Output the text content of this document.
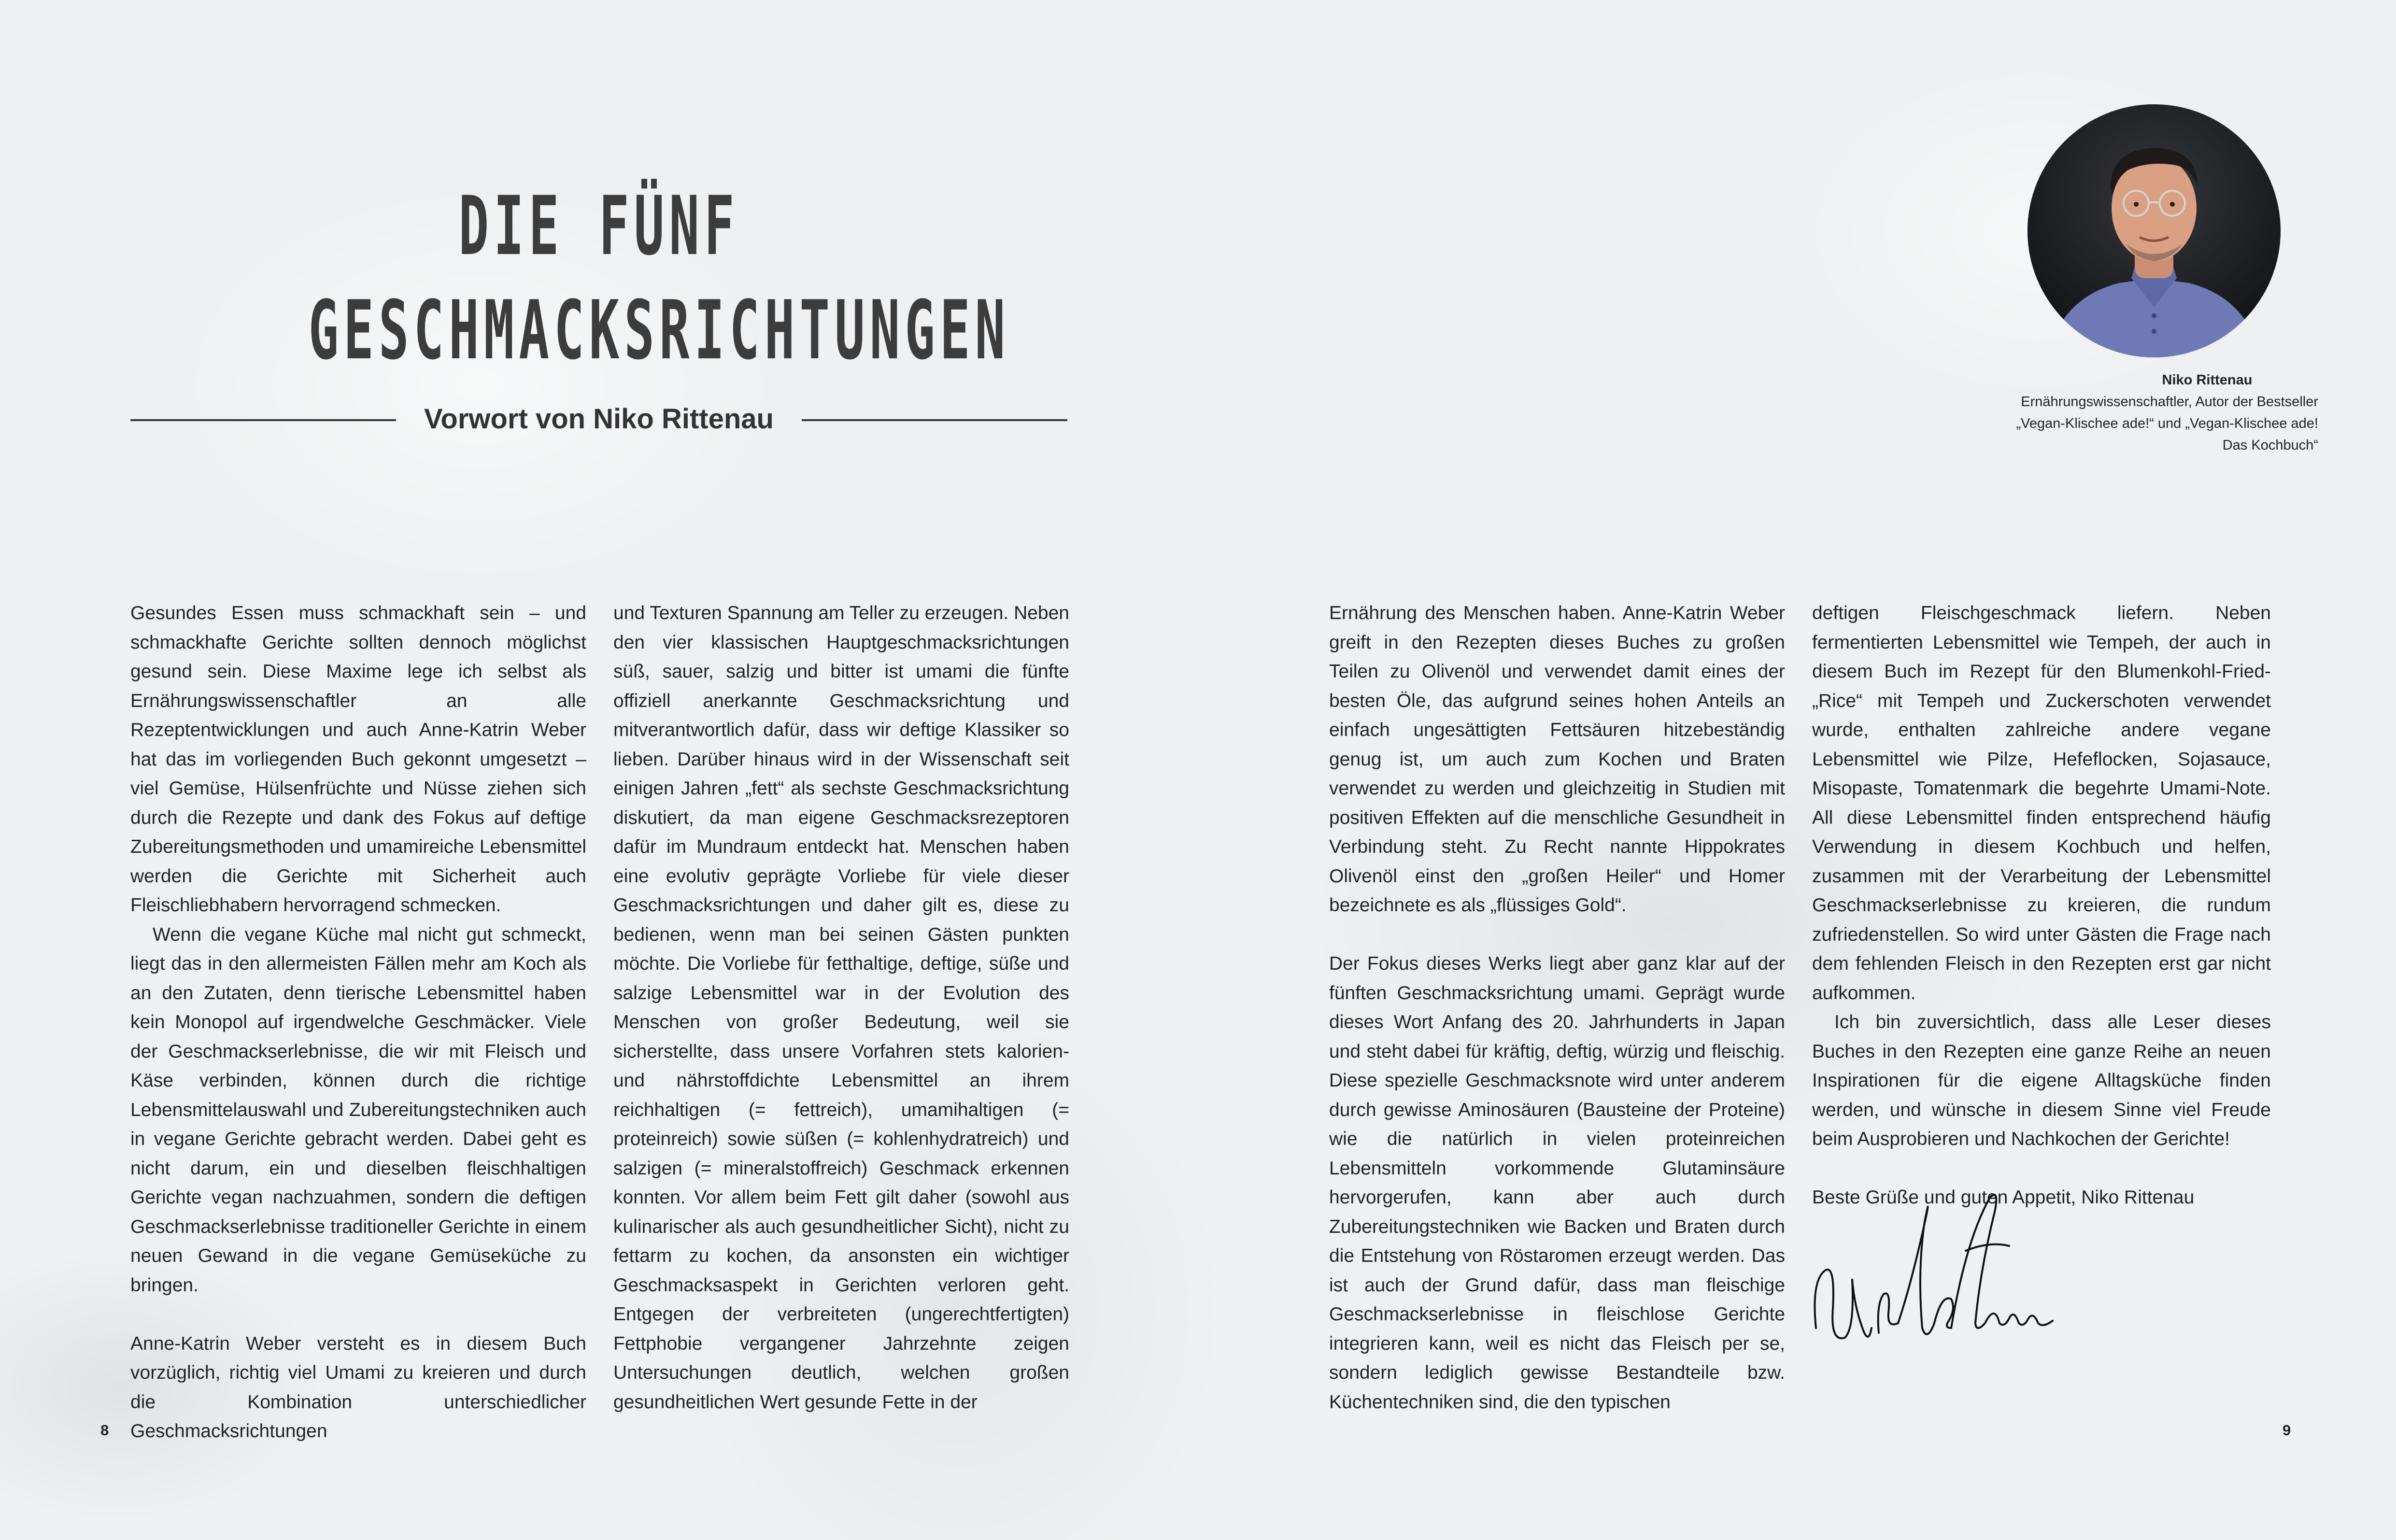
DIE FÜNF
GESCHMACKSRICHTUNGEN
Vorwort von Niko Rittenau
Niko Rittenau
Ernährungswissenschaftler, Autor der Bestseller
„Vegan-Klischee ade!“ und „Vegan-Klischee ade!
Das Kochbuch“

Gesundes Essen muss schmackhaft sein – und schmackhafte Gerichte sollten dennoch möglichst gesund sein. Diese Maxime lege ich selbst als Ernährungswissenschaftler an alle Rezeptentwicklungen und auch Anne-Katrin Weber hat das im vorliegenden Buch gekonnt umgesetzt – viel Gemüse, Hülsenfrüchte und Nüsse ziehen sich durch die Rezepte und dank des Fokus auf deftige Zubereitungsmethoden und umamireiche Lebensmittel werden die Gerichte mit Sicherheit auch Fleischliebhabern hervorragend schmecken.

Wenn die vegane Küche mal nicht gut schmeckt, liegt das in den allermeisten Fällen mehr am Koch als an den Zutaten, denn tierische Lebensmittel haben kein Monopol auf irgendwelche Geschmäcker. Viele der Geschmackserlebnisse, die wir mit Fleisch und Käse verbinden, können durch die richtige Lebensmittelauswahl und Zubereitungstechniken auch in vegane Gerichte gebracht werden. Dabei geht es nicht darum, ein und dieselben fleischhaltigen Gerichte vegan nachzuahmen, sondern die deftigen Geschmackserlebnisse traditioneller Gerichte in einem neuen Gewand in die vegane Gemüseküche zu bringen.

Anne-Katrin Weber versteht es in diesem Buch vorzüglich, richtig viel Umami zu kreieren und durch die Kombination unterschiedlicher Geschmacksrichtungen

und Texturen Spannung am Teller zu erzeugen. Neben den vier klassischen Hauptgeschmacksrichtungen süß, sauer, salzig und bitter ist umami die fünfte offiziell anerkannte Geschmacksrichtung und mitverantwortlich dafür, dass wir deftige Klassiker so lieben. Darüber hinaus wird in der Wissenschaft seit einigen Jahren „fett“ als sechste Geschmacksrichtung diskutiert, da man eigene Geschmacksrezeptoren dafür im Mundraum entdeckt hat. Menschen haben eine evolutiv geprägte Vorliebe für viele dieser Geschmacksrichtungen und daher gilt es, diese zu bedienen, wenn man bei seinen Gästen punkten möchte. Die Vorliebe für fetthaltige, deftige, süße und salzige Lebensmittel war in der Evolution des Menschen von großer Bedeutung, weil sie sicherstellte, dass unsere Vorfahren stets kalorien- und nährstoffdichte Lebensmittel an ihrem reichhaltigen (= fettreich), umamihaltigen (= proteinreich) sowie süßen (= kohlenhydratreich) und salzigen (= mineralstoffreich) Geschmack erkennen konnten. Vor allem beim Fett gilt daher (sowohl aus kulinarischer als auch gesundheitlicher Sicht), nicht zu fettarm zu kochen, da ansonsten ein wichtiger Geschmacksaspekt in Gerichten verloren geht. Entgegen der verbreiteten (ungerechtfertigten) Fettphobie vergangener Jahrzehnte zeigen Untersuchungen deutlich, welchen großen gesundheitlichen Wert gesunde Fette in der

Ernährung des Menschen haben. Anne-Katrin Weber greift in den Rezepten dieses Buches zu großen Teilen zu Olivenöl und verwendet damit eines der besten Öle, das aufgrund seines hohen Anteils an einfach ungesättigten Fettsäuren hitzebeständig genug ist, um auch zum Kochen und Braten verwendet zu werden und gleichzeitig in Studien mit positiven Effekten auf die menschliche Gesundheit in Verbindung steht. Zu Recht nannte Hippokrates Olivenöl einst den „großen Heiler“ und Homer bezeichnete es als „flüssiges Gold“.

Der Fokus dieses Werks liegt aber ganz klar auf der fünften Geschmacksrichtung umami. Geprägt wurde dieses Wort Anfang des 20. Jahrhunderts in Japan und steht dabei für kräftig, deftig, würzig und fleischig. Diese spezielle Geschmacksnote wird unter anderem durch gewisse Aminosäuren (Bausteine der Proteine) wie die natürlich in vielen proteinreichen Lebensmitteln vorkommende Glutaminsäure hervorgerufen, kann aber auch durch Zubereitungstechniken wie Backen und Braten durch die Entstehung von Röstaromen erzeugt werden. Das ist auch der Grund dafür, dass man fleischige Geschmackserlebnisse in fleischlose Gerichte integrieren kann, weil es nicht das Fleisch per se, sondern lediglich gewisse Bestandteile bzw. Küchentechniken sind, die den typischen

deftigen Fleischgeschmack liefern. Neben fermentierten Lebensmittel wie Tempeh, der auch in diesem Buch im Rezept für den Blumenkohl-Fried-„Rice“ mit Tempeh und Zuckerschoten verwendet wurde, enthalten zahlreiche andere vegane Lebensmittel wie Pilze, Hefeflocken, Sojasauce, Misopaste, Tomatenmark die begehrte Umami-Note. All diese Lebensmittel finden entsprechend häufig Verwendung in diesem Kochbuch und helfen, zusammen mit der Verarbeitung der Lebensmittel Geschmackserlebnisse zu kreieren, die rundum zufriedenstellen. So wird unter Gästen die Frage nach dem fehlenden Fleisch in den Rezepten erst gar nicht aufkommen.

Ich bin zuversichtlich, dass alle Leser dieses Buches in den Rezepten eine ganze Reihe an neuen Inspirationen für die eigene Alltagsküche finden werden, und wünsche in diesem Sinne viel Freude beim Ausprobieren und Nachkochen der Gerichte!

Beste Grüße und guten Appetit, Niko Rittenau

8	9
